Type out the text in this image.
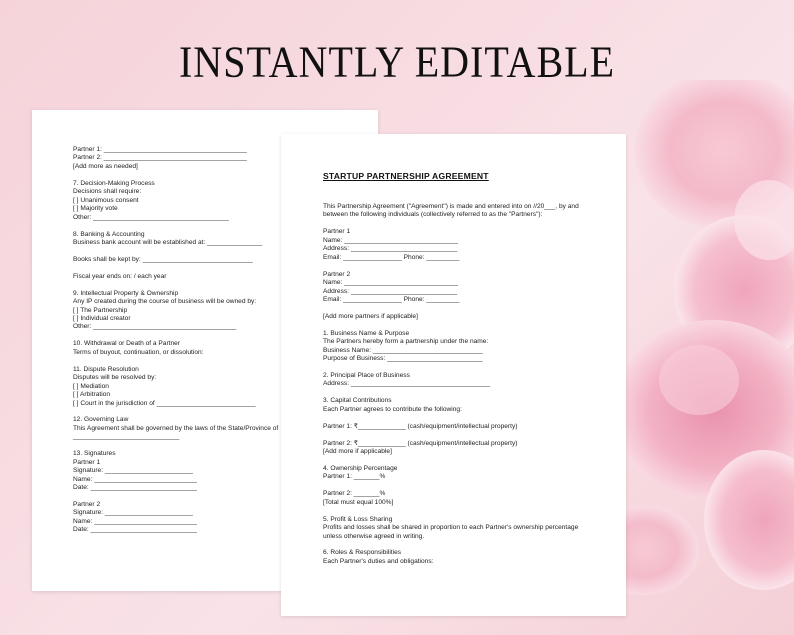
INSTANTLY EDITABLE
Partner 1: _______________________________________
Partner 2: _______________________________________
[Add more as needed]
7. Decision-Making Process
Decisions shall require:
[ ] Unanimous consent
[ ] Majority vote
Other: _____________________________________
8. Banking & Accounting
Business bank account will be established at: _______________
Books shall be kept by: ______________________________
Fiscal year ends on: / each year
9. Intellectual Property & Ownership
Any IP created during the course of business will be owned by:
[ ] The Partnership
[ ] Individual creator
Other: _______________________________________
10. Withdrawal or Death of a Partner
Terms of buyout, continuation, or dissolution:
11. Dispute Resolution
Disputes will be resolved by:
[ ] Mediation
[ ] Arbitration
[ ] Court in the jurisdiction of ___________________________
12. Governing Law
This Agreement shall be governed by the laws of the State/Province of
_____________________________
13. Signatures
Partner 1
Signature: ________________________
Name: ____________________________
Date: _____________________________
Partner 2
Signature: ________________________
Name: ____________________________
Date: _____________________________
STARTUP PARTNERSHIP AGREEMENT
This Partnership Agreement ("Agreement") is made and entered into on //20___, by and
between the following individuals (collectively referred to as the "Partners"):
Partner 1
Name: _______________________________
Address: _____________________________
Email: ________________ Phone: _________
Partner 2
Name: _______________________________
Address: _____________________________
Email: ________________ Phone: _________
[Add more partners if applicable]
1. Business Name & Purpose
The Partners hereby form a partnership under the name:
Business Name: ______________________________
Purpose of Business: __________________________
2. Principal Place of Business
Address: ______________________________________
3. Capital Contributions
Each Partner agrees to contribute the following:
Partner 1: ₹_____________ (cash/equipment/intellectual property)
Partner 2: ₹_____________ (cash/equipment/intellectual property)
[Add more if applicable]
4. Ownership Percentage
Partner 1: _______%
Partner 2: _______%
[Total must equal 100%]
5. Profit & Loss Sharing
Profits and losses shall be shared in proportion to each Partner's ownership percentage
unless otherwise agreed in writing.
6. Roles & Responsibilities
Each Partner's duties and obligations:
